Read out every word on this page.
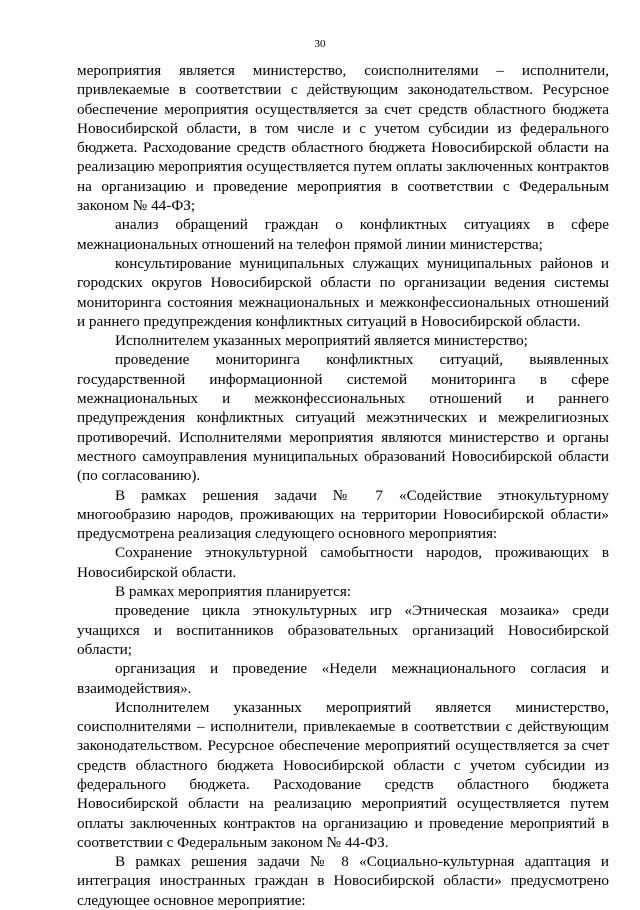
30

мероприятия является министерство, соисполнителями – исполнители, привлекаемые в соответствии с действующим законодательством. Ресурсное обеспечение мероприятия осуществляется за счет средств областного бюджета Новосибирской области, в том числе и с учетом субсидии из федерального бюджета. Расходование средств областного бюджета Новосибирской области на реализацию мероприятия осуществляется путем оплаты заключенных контрактов на организацию и проведение мероприятия в соответствии с Федеральным законом № 44-ФЗ;

анализ обращений граждан о конфликтных ситуациях в сфере межнациональных отношений на телефон прямой линии министерства;

консультирование муниципальных служащих муниципальных районов и городских округов Новосибирской области по организации ведения системы мониторинга состояния межнациональных и межконфессиональных отношений и раннего предупреждения конфликтных ситуаций в Новосибирской области.

Исполнителем указанных мероприятий является министерство;

проведение мониторинга конфликтных ситуаций, выявленных государственной информационной системой мониторинга в сфере межнациональных и межконфессиональных отношений и раннего предупреждения конфликтных ситуаций межэтнических и межрелигиозных противоречий. Исполнителями мероприятия являются министерство и органы местного самоуправления муниципальных образований Новосибирской области (по согласованию).

В рамках решения задачи № 7 «Содействие этнокультурному многообразию народов, проживающих на территории Новосибирской области» предусмотрена реализация следующего основного мероприятия:

Сохранение этнокультурной самобытности народов, проживающих в Новосибирской области.

В рамках мероприятия планируется:

проведение цикла этнокультурных игр «Этническая мозаика» среди учащихся и воспитанников образовательных организаций Новосибирской области;

организация и проведение «Недели межнационального согласия и взаимодействия».

Исполнителем указанных мероприятий является министерство, соисполнителями – исполнители, привлекаемые в соответствии с действующим законодательством. Ресурсное обеспечение мероприятий осуществляется за счет средств областного бюджета Новосибирской области с учетом субсидии из федерального бюджета. Расходование средств областного бюджета Новосибирской области на реализацию мероприятий осуществляется путем оплаты заключенных контрактов на организацию и проведение мероприятий в соответствии с Федеральным законом № 44-ФЗ.

В рамках решения задачи № 8 «Социально-культурная адаптация и интеграция иностранных граждан в Новосибирской области» предусмотрено следующее основное мероприятие:
